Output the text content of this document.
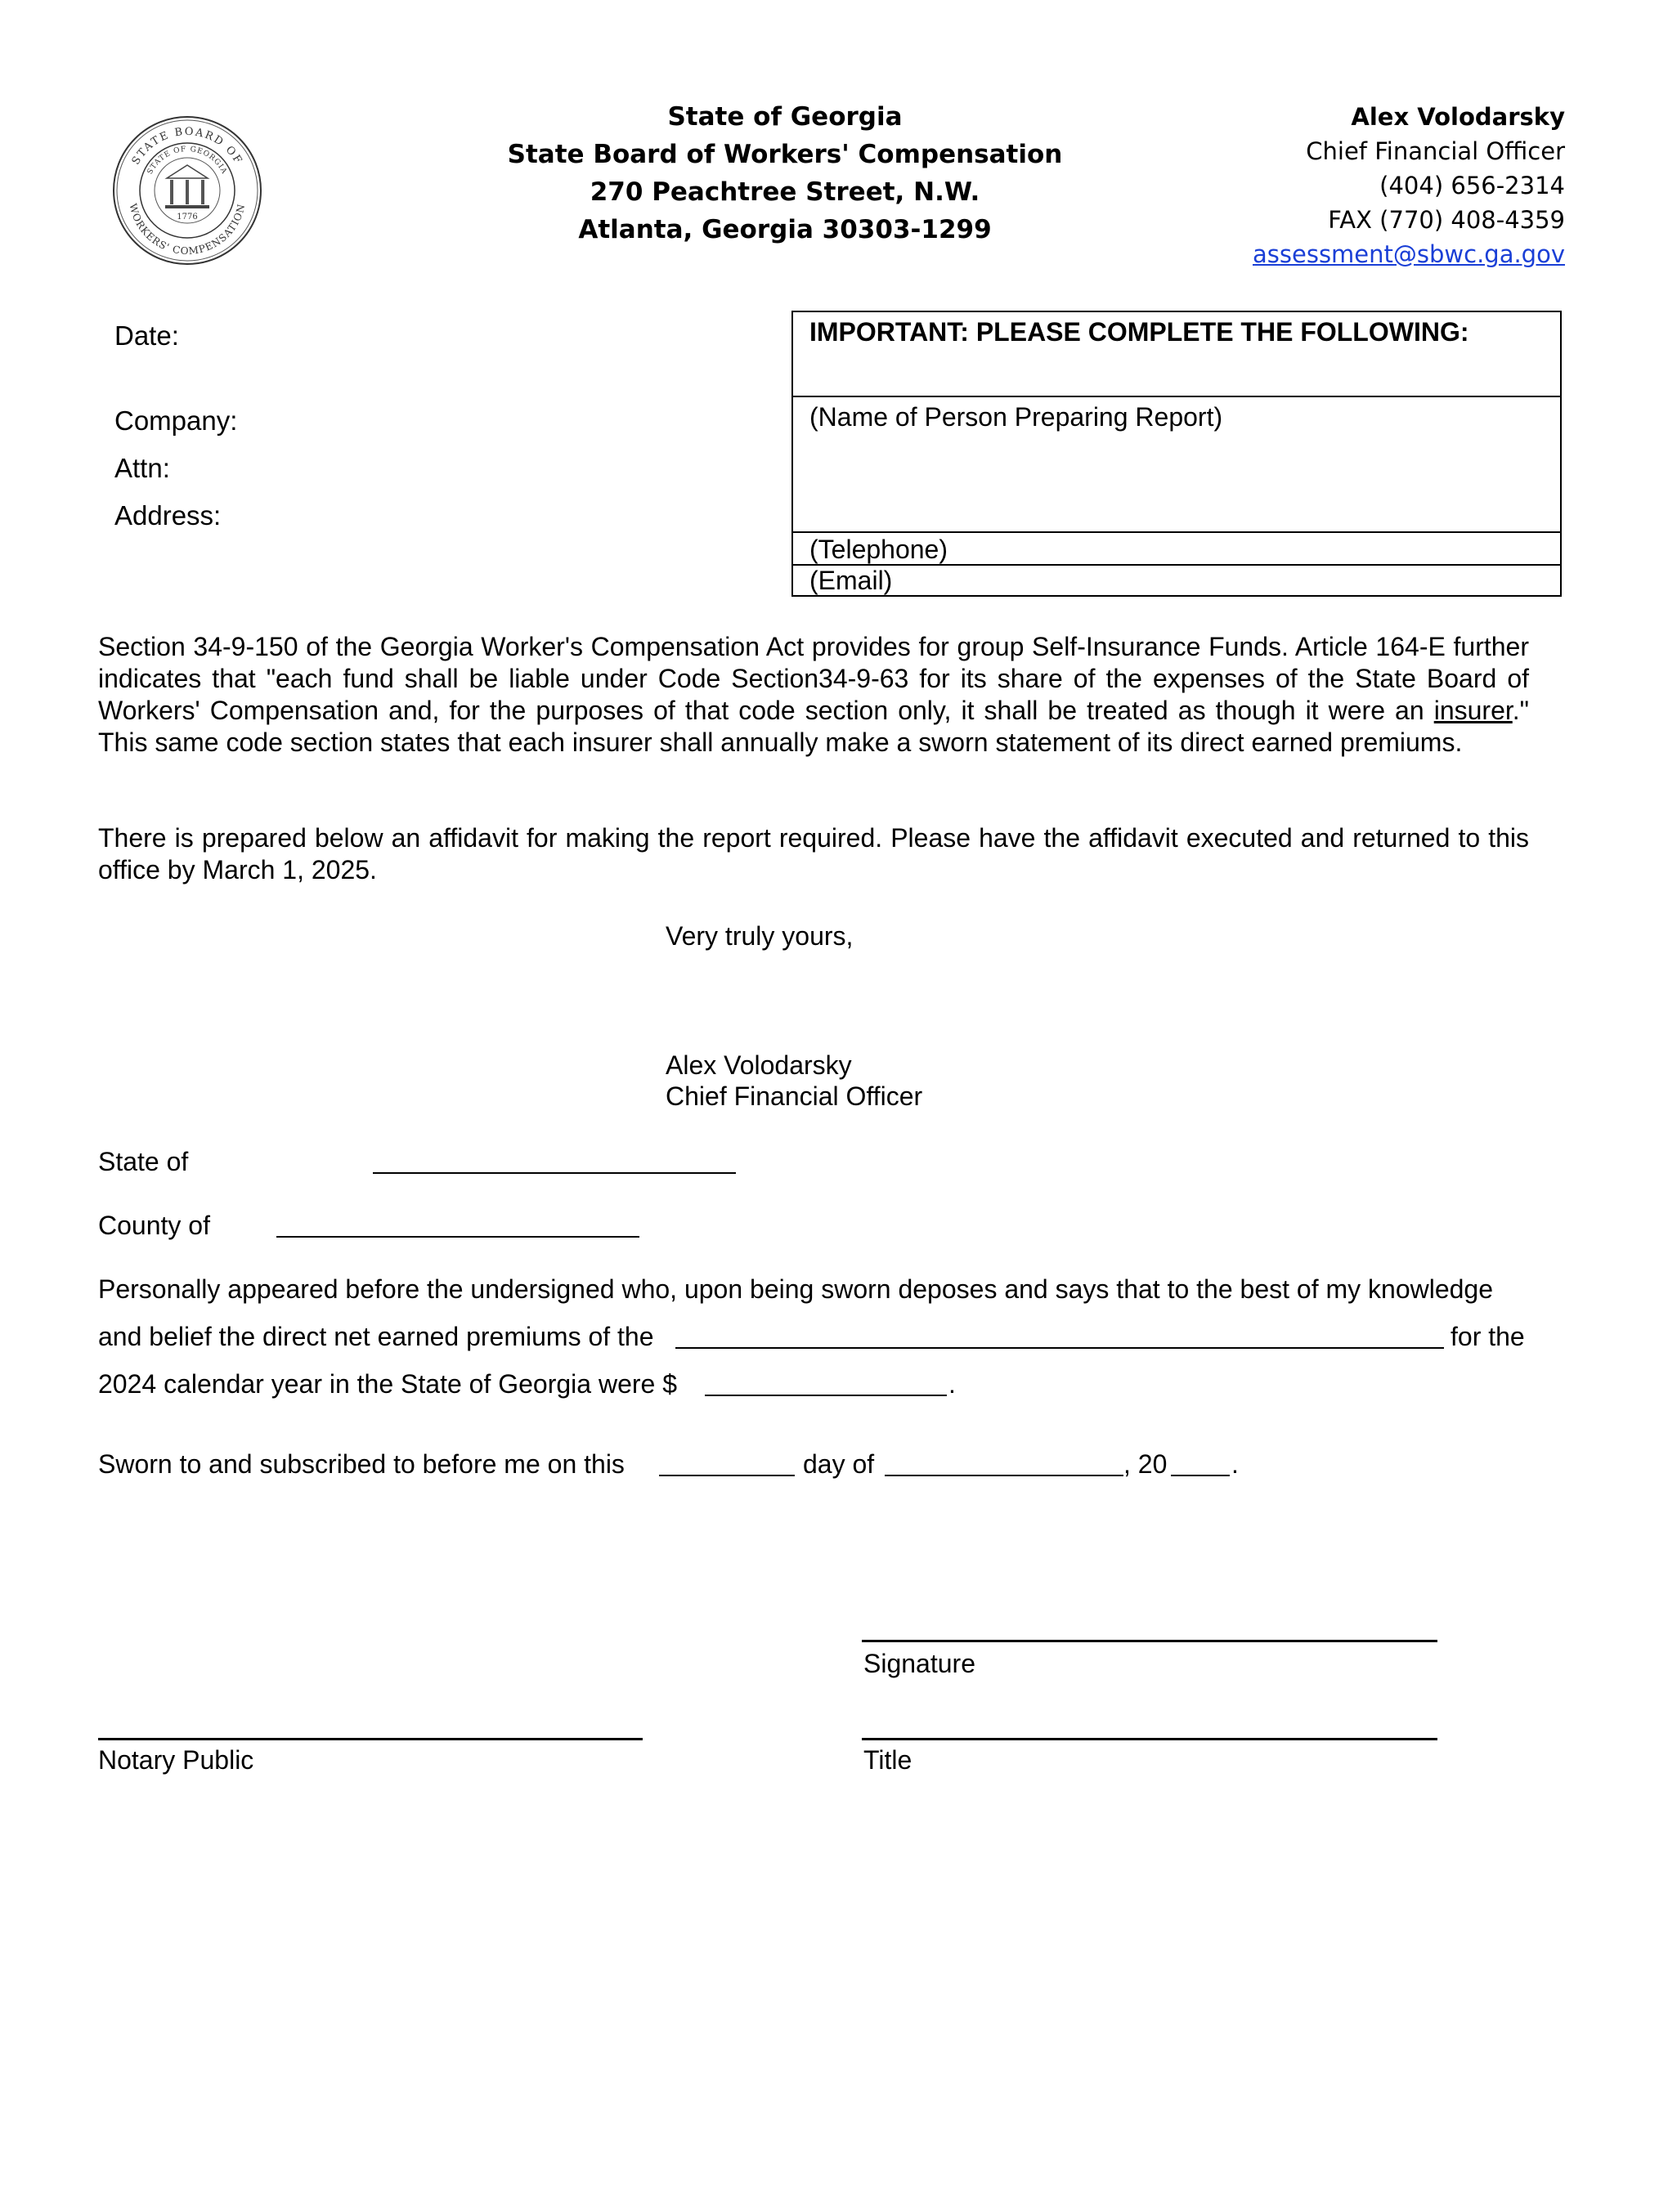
STATE BOARD OF
WORKERS' COMPENSATION
STATE OF GEORGIA
1776
State of Georgia
State Board of Workers' Compensation
270 Peachtree Street, N.W.
Atlanta, Georgia 30303-1299
Alex Volodarsky
Chief Financial Officer
(404) 656-2314
FAX (770) 408-4359
assessment@sbwc.ga.gov
Date:
Company:
Attn:
Address:
IMPORTANT: PLEASE COMPLETE THE FOLLOWING:
(Name of Person Preparing Report)
(Telephone)
(Email)
Section 34-9-150 of the Georgia Worker's Compensation Act provides for group Self-Insurance Funds. Article 164-E further indicates that "each fund shall be liable under Code Section34-9-63 for its share of the expenses of the State Board of Workers' Compensation and, for the purposes of that code section only, it shall be treated as though it were an insurer." This same code section states that each insurer shall annually make a sworn statement of its direct earned premiums.
There is prepared below an affidavit for making the report required. Please have the affidavit executed and returned to this office by March 1, 2025.
Very truly yours,
Alex Volodarsky
Chief Financial Officer
State of
County of
Personally appeared before the undersigned who, upon being sworn deposes and says that to the best of my knowledge
and belief the direct net earned premiums of the	for the
2024 calendar year in the State of Georgia were $	.
Sworn to and subscribed to before me on this	day of	, 20 .
Signature
Notary Public	Title
